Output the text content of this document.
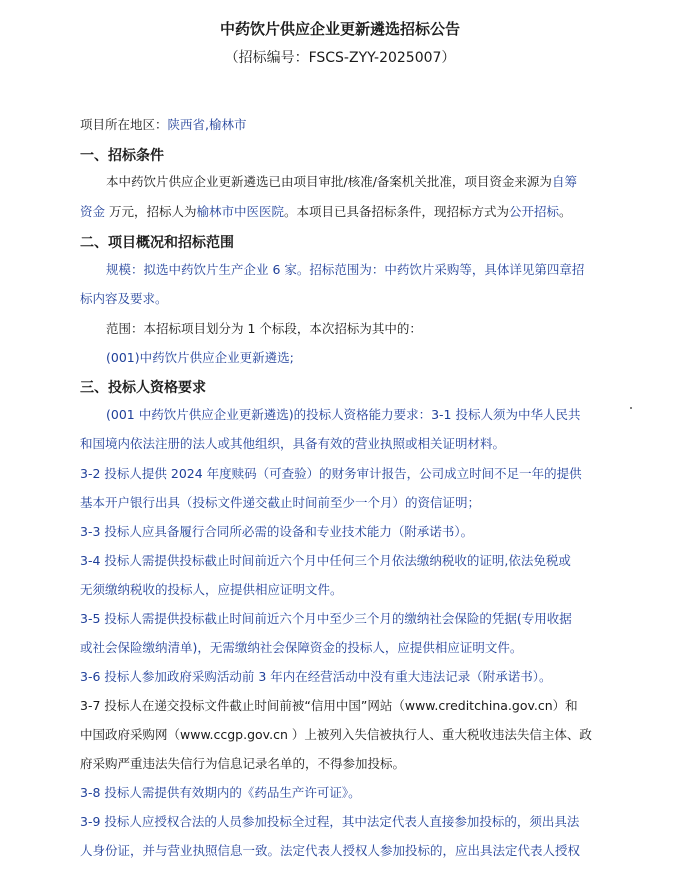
中药饮片供应企业更新遴选招标公告
（招标编号：FSCS-ZYY-2025007）
项目所在地区：陕西省,榆林市
一、招标条件
本中药饮片供应企业更新遴选已由项目审批/核准/备案机关批准，项目资金来源为自筹
资金 万元，招标人为榆林市中医医院。本项目已具备招标条件，现招标方式为公开招标。
二、项目概况和招标范围
规模：拟选中药饮片生产企业 6 家。招标范围为：中药饮片采购等，具体详见第四章招
标内容及要求。
范围：本招标项目划分为 1 个标段，本次招标为其中的：
(001)中药饮片供应企业更新遴选;
三、投标人资格要求
(001 中药饮片供应企业更新遴选)的投标人资格能力要求：3-1 投标人须为中华人民共
和国境内依法注册的法人或其他组织，具备有效的营业执照或相关证明材料。
3-2 投标人提供 2024 年度赎码（可查验）的财务审计报告，公司成立时间不足一年的提供
基本开户银行出具（投标文件递交截止时间前至少一个月）的资信证明；
3-3 投标人应具备履行合同所必需的设备和专业技术能力（附承诺书）。
3-4 投标人需提供投标截止时间前近六个月中任何三个月依法缴纳税收的证明,依法免税或
无须缴纳税收的投标人，应提供相应证明文件。
3-5 投标人需提供投标截止时间前近六个月中至少三个月的缴纳社会保险的凭据(专用收据
或社会保险缴纳清单)，无需缴纳社会保障资金的投标人，应提供相应证明文件。
3-6 投标人参加政府采购活动前 3 年内在经营活动中没有重大违法记录（附承诺书）。
3-7 投标人在递交投标文件截止时间前被“信用中国”网站（www.creditchina.gov.cn）和
中国政府采购网（www.ccgp.gov.cn ）上被列入失信被执行人、重大税收违法失信主体、政
府采购严重违法失信行为信息记录名单的，不得参加投标。
3-8 投标人需提供有效期内的《药品生产许可证》。
3-9 投标人应授权合法的人员参加投标全过程，其中法定代表人直接参加投标的，须出具法
人身份证，并与营业执照信息一致。法定代表人授权人参加投标的，应出具法定代表人授权
